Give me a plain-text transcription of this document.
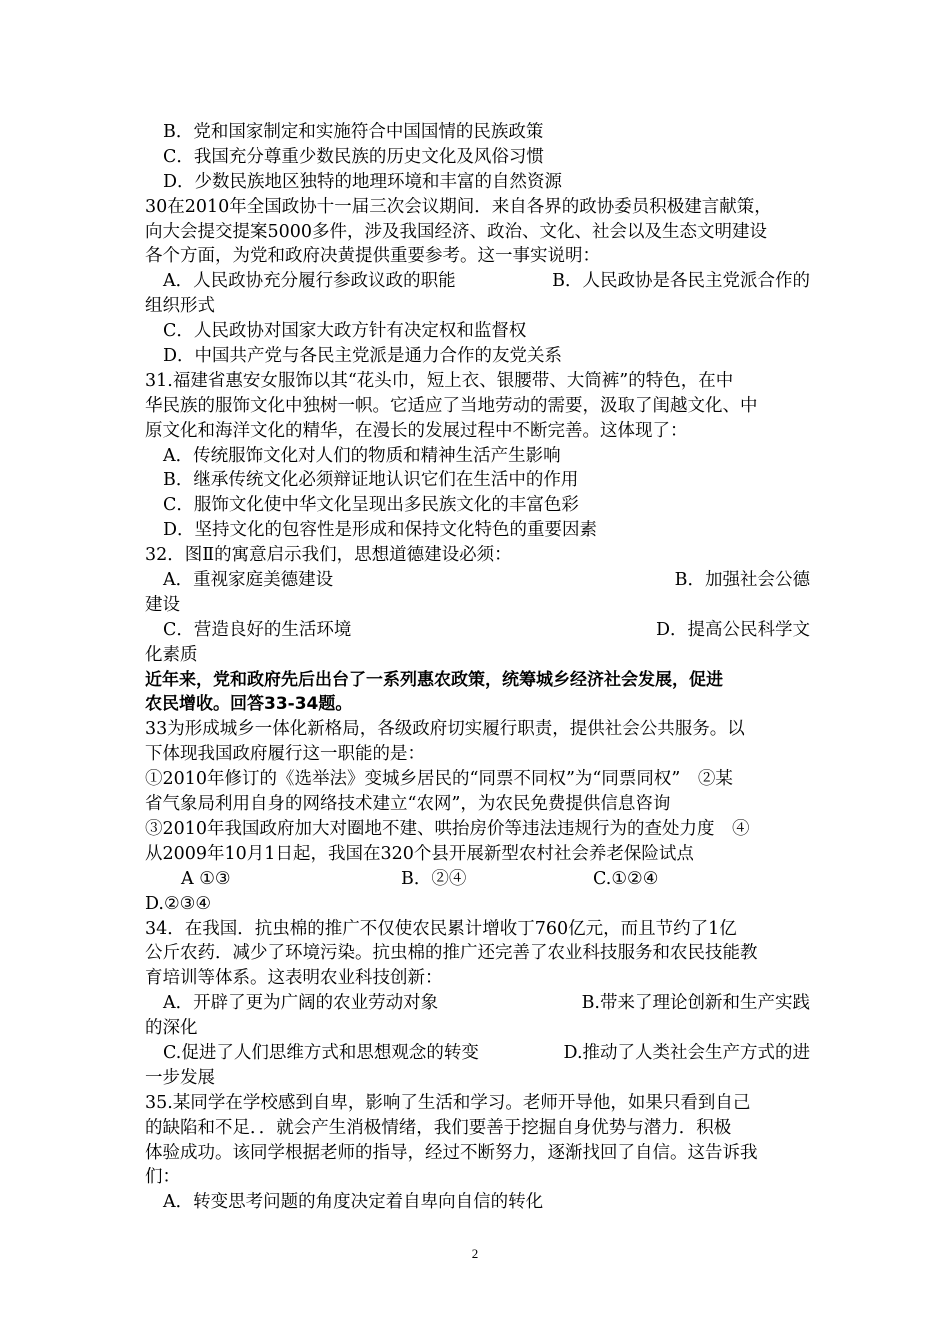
B．党和国家制定和实施符合中国国情的民族政策
C．我国充分尊重少数民族的历史文化及风俗习惯
D．少数民族地区独特的地理环境和丰富的自然资源
30在2010年全国政协十一届三次会议期间．来自各界的政协委员积极建言献策，
向大会提交提案5000多件，涉及我国经济、政治、文化、社会以及生态文明建设
各个方面，为党和政府决黄提供重要参考。这一事实说明：
A．人民政协充分履行参政议政的职能	B．人民政协是各民主党派合作的
组织形式
C．人民政协对国家大政方针有决定权和监督权
D．中国共产党与各民主党派是通力合作的友党关系
31.福建省惠安女服饰以其“花头巾，短上衣、银腰带、大筒裤”的特色，在中
华民族的服饰文化中独树一帜。它适应了当地劳动的需要，汲取了闺越文化、中
原文化和海洋文化的精华，在漫长的发展过程中不断完善。这体现了：
A．传统服饰文化对人们的物质和精神生活产生影响
B．继承传统文化必须辩证地认识它们在生活中的作用
C．服饰文化使中华文化呈现出多民族文化的丰富色彩
D．坚持文化的包容性是形成和保持文化特色的重要因素
32．图Ⅱ的寓意启示我们，思想道德建设必须：
A．重视家庭美德建设	B．加强社会公德
建设
C．营造良好的生活环境	D．提高公民科学文
化素质
近年来，党和政府先后出台了一系列惠农政策，统筹城乡经济社会发展，促进
农民增收。回答33-34题。
33为形成城乡一体化新格局，各级政府切实履行职责，提供社会公共服务。以
下体现我国政府履行这一职能的是：
①2010年修订的《选举法》变城乡居民的“同票不同权”为“同票同权”　②某
省气象局利用自身的网络技术建立“农网”，为农民免费提供信息咨询
③2010年我国政府加大对圈地不建、哄抬房价等违法违规行为的查处力度　④
从2009年10月1日起，我国在320个县开展新型农村社会养老保险试点
A ①③	B．②④	C.①②④
D.②③④
34．在我国．抗虫棉的推广不仅使农民累计增收丁760亿元，而且节约了1亿
公斤农药．减少了环境污染。抗虫棉的推广还完善了农业科技服务和农民技能教
育培训等体系。这表明农业科技创新：
A．开辟了更为广阔的农业劳动对象	B.带来了理论创新和生产实践
的深化
C.促进了人们思维方式和思想观念的转变	D.推动了人类社会生产方式的进
一步发展
35.某同学在学校感到自卑，影响了生活和学习。老师开导他，如果只看到自己
的缺陷和不足．．就会产生消极情绪，我们要善于挖掘自身优势与潜力．积极
体验成功。该同学根据老师的指导，经过不断努力，逐渐找回了自信。这告诉我
们：
A．转变思考问题的角度决定着自卑向自信的转化
2
